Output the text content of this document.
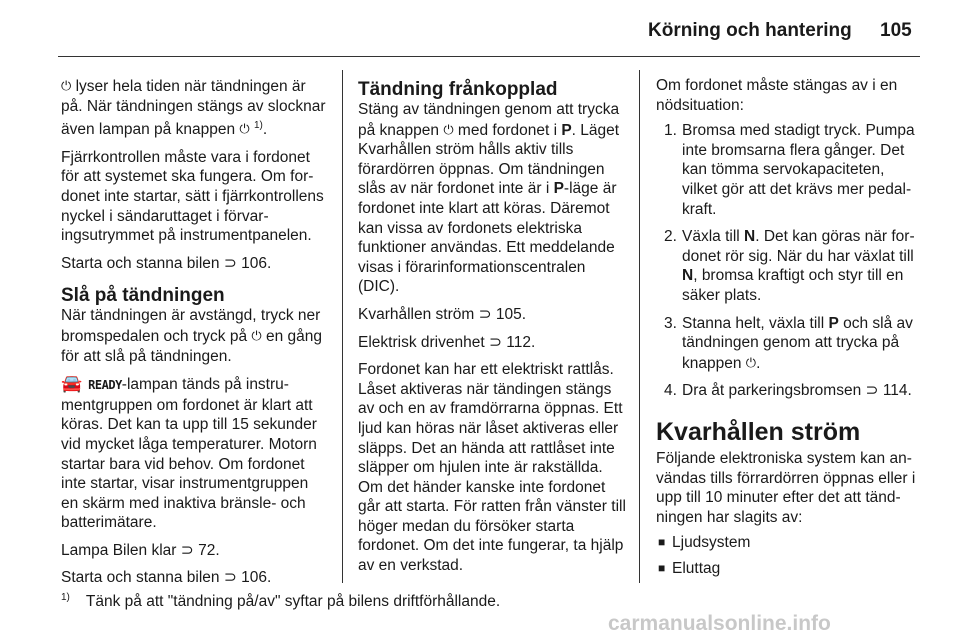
Körning och hantering 105

⏻ lyser hela tiden när tändningen är på. När tändningen stängs av slocknar även lampan på knappen ⏻ $^{1)}$.

Fjärrkontrollen måste vara i fordonet för att systemet ska fungera. Om fordonet inte startar, sätt i fjärrkontrollens nyckel i sändaruttaget i förvaringsutrymmet på instrumentpanelen.

Starta och stanna bilen ⊃ 106.

Slå på tändningen

När tändningen är avstängd, tryck ner bromspedalen och tryck på ⏻ en gång för att slå på tändningen.

🚘 READY-lampan tänds på instrumentgruppen om fordonet är klart att köras. Det kan ta upp till 15 sekunder vid mycket låga temperaturer. Motorn startar bara vid behov. Om fordonet inte startar, visar instrumentgruppen en skärm med inaktiva bränsle- och batterimätare.

Lampa Bilen klar ⊃ 72.

Starta och stanna bilen ⊃ 106.

Tändning frånkopplad

Stäng av tändningen genom att trycka på knappen ⏻ med fordonet i P. Läget Kvarhållen ström hålls aktiv tills förardörren öppnas. Om tändningen slås av när fordonet inte är i P-läge är fordonet inte klart att köras. Däremot kan vissa av fordonets elektriska funktioner användas. Ett meddelande visas i förarinformationscentralen (DIC).

Kvarhållen ström ⊃ 105.

Elektrisk drivenhet ⊃ 112.

Fordonet kan har ett elektriskt rattlås. Låset aktiveras när tändingen stängs av och en av framdörrarna öppnas. Ett ljud kan höras när låset aktiveras eller släpps. Det an hända att rattlåset inte släpper om hjulen inte är rakställda. Om det händer kanske inte fordonet går att starta. För ratten från vänster till höger medan du försöker starta fordonet. Om det inte fungerar, ta hjälp av en verkstad.

Om fordonet måste stängas av i en nödsituation:

1. Bromsa med stadigt tryck. Pumpa inte bromsarna flera gånger. Det kan tömma servokapaciteten, vilket gör att det krävs mer pedalkraft.
2. Växla till N. Det kan göras när fordonet rör sig. När du har växlat till N, bromsa kraftigt och styr till en säker plats.
3. Stanna helt, växla till P och slå av tändningen genom att trycka på knappen ⏻.
4. Dra åt parkeringsbromsen ⊃ 114.
Kvarhållen ström

Följande elektroniska system kan användas tills förrardörren öppnas eller i upp till 10 minuter efter det att tändningen har slagits av:

■ Ljudsystem
■ Eluttag
$^{1)}$ Tänk på att "tändning på/av" syftar på bilens driftförhållande.
carmanualsonline.info
